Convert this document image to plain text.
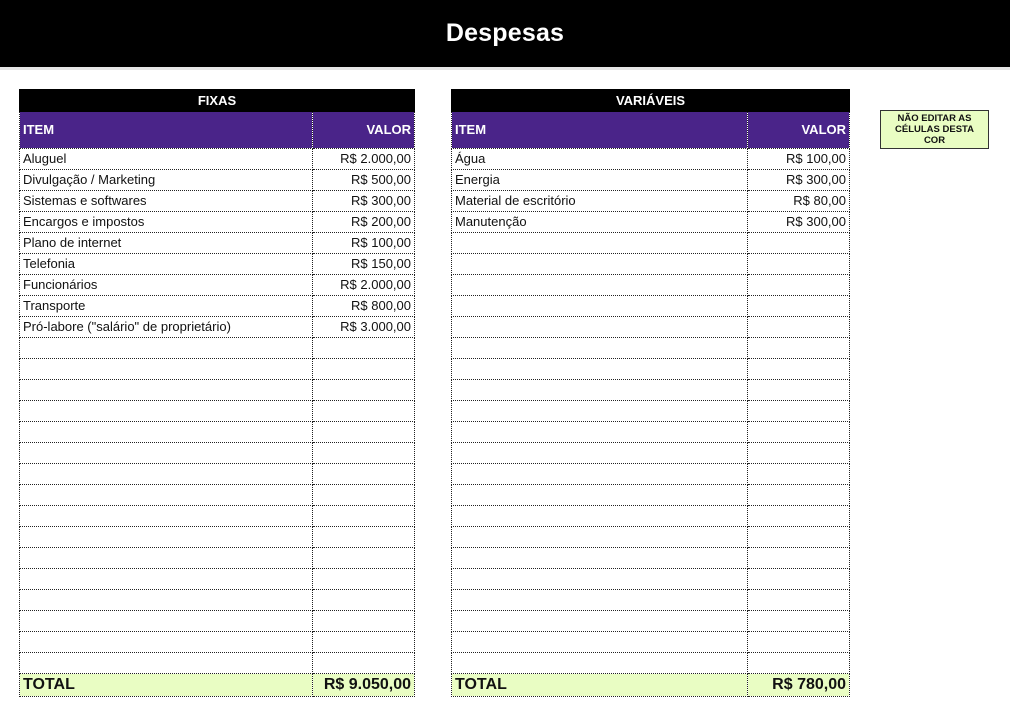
Despesas
FIXAS	
ITEM	VALOR
Aluguel	R$ 2.000,00
Divulgação / Marketing	R$ 500,00
Sistemas e softwares	R$ 300,00
Encargos e impostos	R$ 200,00
Plano de internet	R$ 100,00
Telefonia	R$ 150,00
Funcionários	R$ 2.000,00
Transporte	R$ 800,00
Pró-labore ("salário" de proprietário)	R$ 3.000,00

TOTAL	R$ 9.050,00
VARIÁVEIS	
ITEM	VALOR
Água	R$ 100,00
Energia	R$ 300,00
Material de escritório	R$ 80,00
Manutenção	R$ 300,00

TOTAL	R$ 780,00
NÃO EDITAR AS CÉLULAS DESTA COR
